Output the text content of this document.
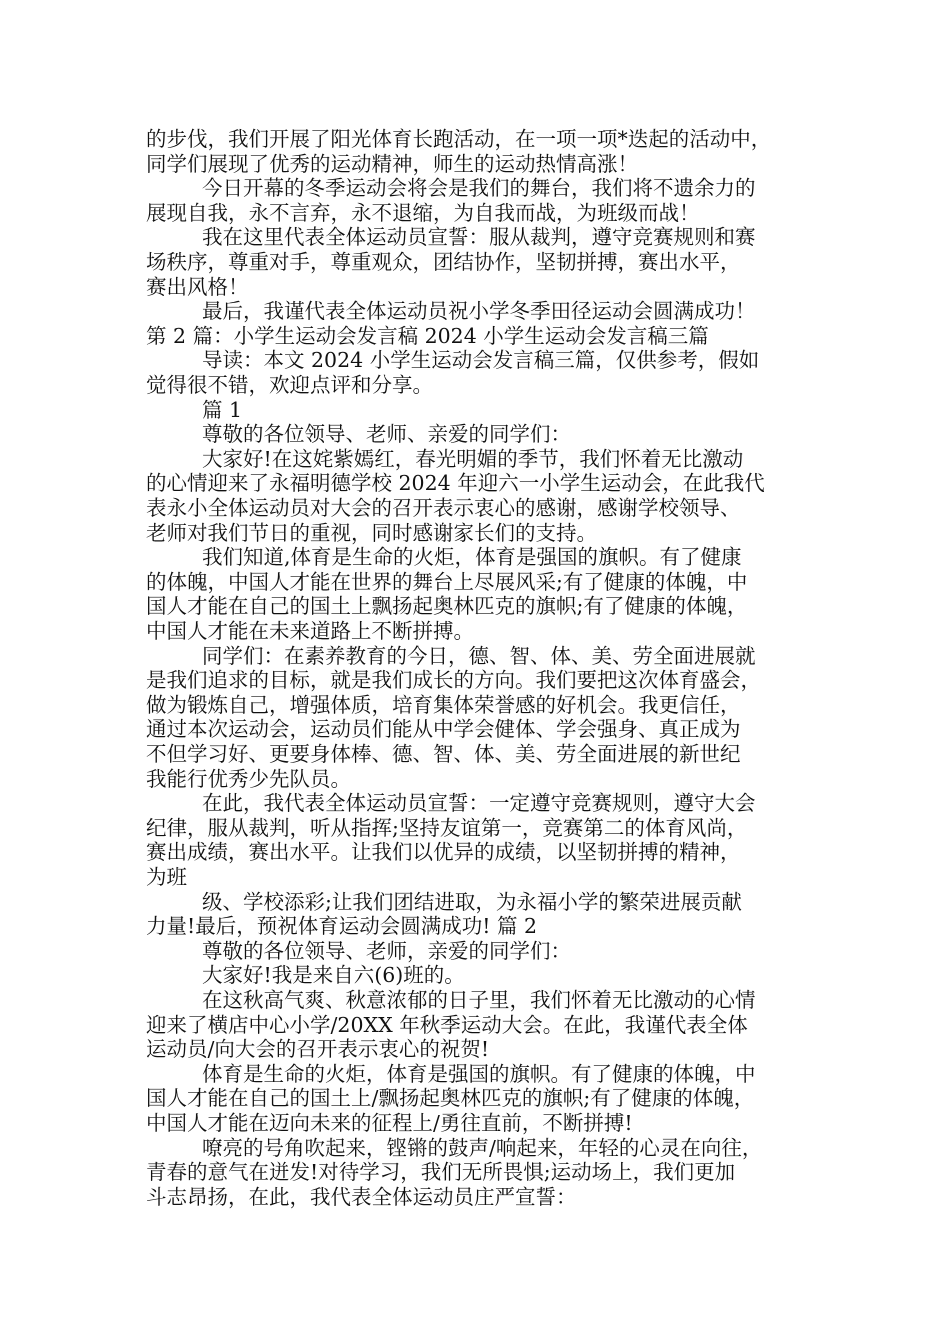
的步伐，我们开展了阳光体育长跑活动，在一项一项*迭起的活动中，
同学们展现了优秀的运动精神，师生的运动热情高涨！
今日开幕的冬季运动会将会是我们的舞台，我们将不遗余力的
展现自我，永不言弃，永不退缩，为自我而战，为班级而战！
我在这里代表全体运动员宣誓：服从裁判，遵守竞赛规则和赛
场秩序，尊重对手，尊重观众，团结协作，坚韧拼搏，赛出水平，
赛出风格！
最后，我谨代表全体运动员祝小学冬季田径运动会圆满成功！
第 2 篇：小学生运动会发言稿 2024 小学生运动会发言稿三篇
导读：本文 2024 小学生运动会发言稿三篇，仅供参考，假如
觉得很不错，欢迎点评和分享。
篇 1
尊敬的各位领导、老师、亲爱的同学们：
大家好!在这姹紫嫣红，春光明媚的季节，我们怀着无比激动
的心情迎来了永福明德学校 2024 年迎六一小学生运动会，在此我代
表永小全体运动员对大会的召开表示衷心的感谢，感谢学校领导、
老师对我们节日的重视，同时感谢家长们的支持。
我们知道,体育是生命的火炬，体育是强国的旗帜。有了健康
的体魄，中国人才能在世界的舞台上尽展风采;有了健康的体魄，中
国人才能在自己的国土上飘扬起奥林匹克的旗帜;有了健康的体魄，
中国人才能在未来道路上不断拼搏。
同学们：在素养教育的今日，德、智、体、美、劳全面进展就
是我们追求的目标，就是我们成长的方向。我们要把这次体育盛会，
做为锻炼自己，增强体质，培育集体荣誉感的好机会。我更信任，
通过本次运动会，运动员们能从中学会健体、学会强身、真正成为
不但学习好、更要身体棒、德、智、体、美、劳全面进展的新世纪
我能行优秀少先队员。
在此，我代表全体运动员宣誓：一定遵守竞赛规则，遵守大会
纪律，服从裁判，听从指挥;坚持友谊第一，竞赛第二的体育风尚，
赛出成绩，赛出水平。让我们以优异的成绩，以坚韧拼搏的精神，
为班
级、学校添彩;让我们团结进取，为永福小学的繁荣进展贡献
力量!最后，预祝体育运动会圆满成功! 篇 2
尊敬的各位领导、老师，亲爱的同学们：
大家好!我是来自六(6)班的。
在这秋高气爽、秋意浓郁的日子里，我们怀着无比激动的心情
迎来了横店中心小学/20XX 年秋季运动大会。在此，我谨代表全体
运动员/向大会的召开表示衷心的祝贺!
体育是生命的火炬，体育是强国的旗帜。有了健康的体魄，中
国人才能在自己的国土上/飘扬起奥林匹克的旗帜;有了健康的体魄，
中国人才能在迈向未来的征程上/勇往直前，不断拼搏!
嘹亮的号角吹起来，铿锵的鼓声/响起来，年轻的心灵在向往，
青春的意气在迸发!对待学习，我们无所畏惧;运动场上，我们更加
斗志昂扬，在此，我代表全体运动员庄严宣誓：
